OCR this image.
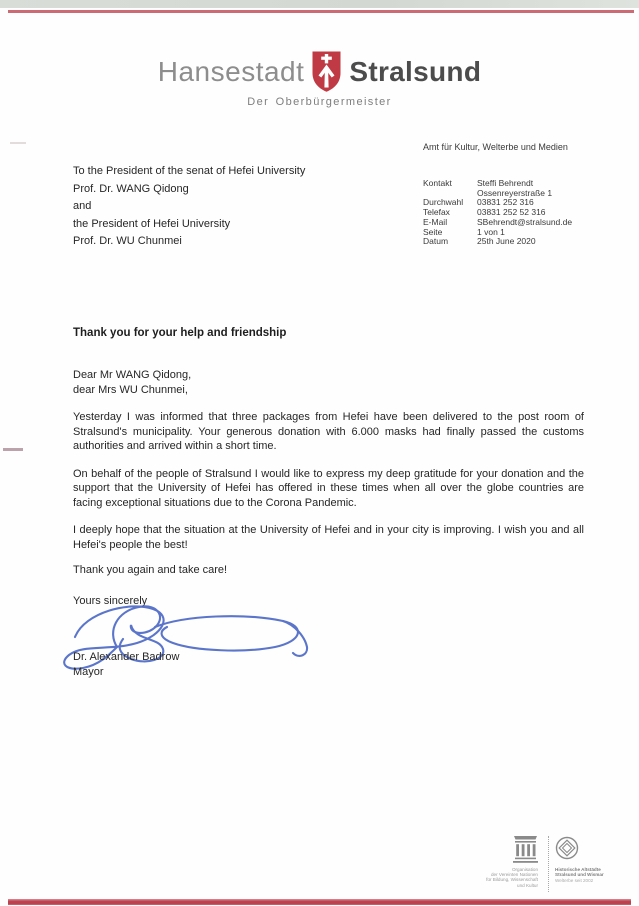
Hansestadt Stralsund
Der Oberbürgermeister
Amt für Kultur, Welterbe und Medien
To the President of the senat of Hefei University
Prof. Dr. WANG Qidong
and
the President of Hefei University
Prof. Dr. WU Chunmei
Kontakt	Steffi Behrendt
Ossenreyerstraße 1
Durchwahl	03831 252 316
Telefax	03831 252 52 316
E-Mail	SBehrendt@stralsund.de
Seite	1 von 1
Datum	25th June 2020
Thank you for your help and friendship
Dear Mr WANG Qidong,
dear Mrs WU Chunmei,

Yesterday I was informed that three packages from Hefei have been delivered to the post room of Stralsund's municipality. Your generous donation with 6.000 masks had finally passed the customs authorities and arrived within a short time.

On behalf of the people of Stralsund I would like to express my deep gratitude for your donation and the support that the University of Hefei has offered in these times when all over the globe countries are facing exceptional situations due to the Corona Pandemic.

I deeply hope that the situation at the University of Hefei and in your city is improving. I wish you and all Hefei's people the best!

Thank you again and take care!

Yours sincerely

Dr. Alexander Badrow
Mayor
Organisation
der Vereinten Nationen
für Bildung, Wissenschaft
und Kultur
Historische Altstädte
Stralsund und Wismar
Welterbe seit 2002
